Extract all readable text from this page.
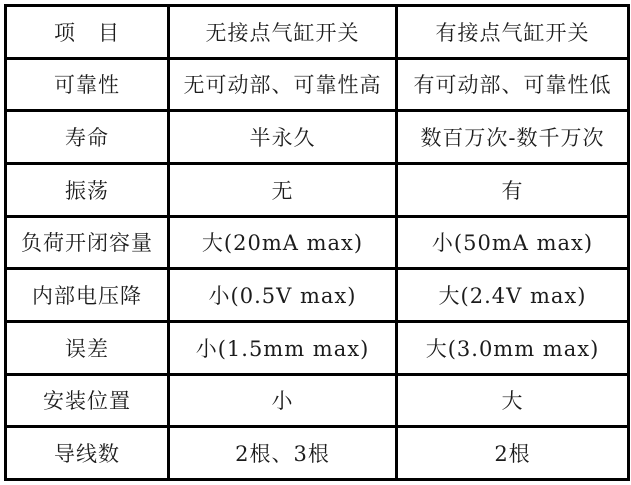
项　目	无接点气缸开关	有接点气缸开关
可靠性	无可动部、可靠性高	有可动部、可靠性低
寿命	半永久	数百万次-数千万次
振荡	无	有
负荷开闭容量	大(20mA max)	小(50mA max)
内部电压降	小(0.5V max)	大(2.4V max)
误差	小(1.5mm max)	大(3.0mm max)
安装位置	小	大
导线数	2根、3根	2根
